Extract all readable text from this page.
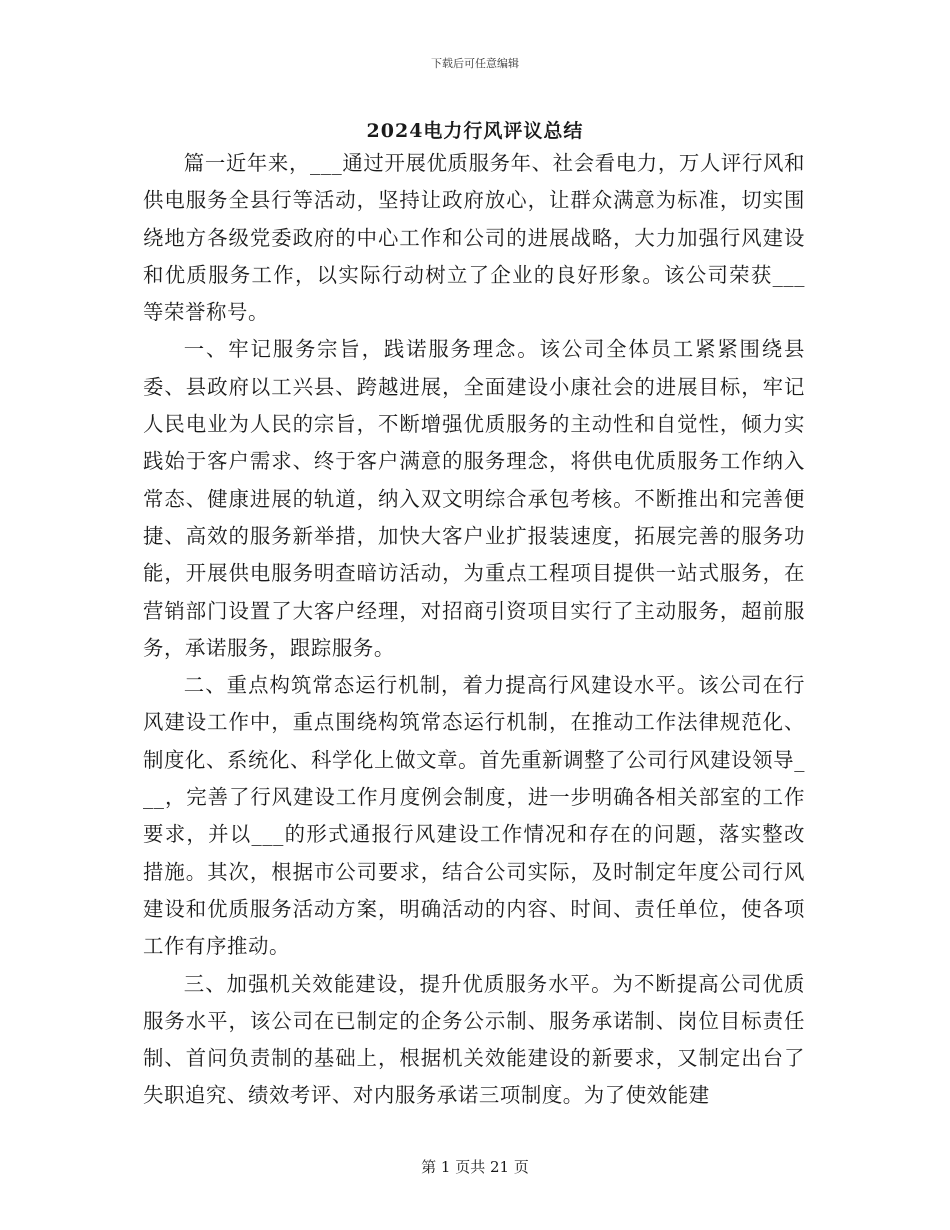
下载后可任意编辑
2024电力行风评议总结

篇一近年来，___通过开展优质服务年、社会看电力，万人评行风和供电服务全县行等活动，坚持让政府放心，让群众满意为标准，切实围绕地方各级党委政府的中心工作和公司的进展战略，大力加强行风建设和优质服务工作，以实际行动树立了企业的良好形象。该公司荣获___等荣誉称号。

一、牢记服务宗旨，践诺服务理念。该公司全体员工紧紧围绕县委、县政府以工兴县、跨越进展，全面建设小康社会的进展目标，牢记人民电业为人民的宗旨，不断增强优质服务的主动性和自觉性，倾力实践始于客户需求、终于客户满意的服务理念，将供电优质服务工作纳入常态、健康进展的轨道，纳入双文明综合承包考核。不断推出和完善便捷、高效的服务新举措，加快大客户业扩报装速度，拓展完善的服务功能，开展供电服务明查暗访活动，为重点工程项目提供一站式服务，在营销部门设置了大客户经理，对招商引资项目实行了主动服务，超前服务，承诺服务，跟踪服务。

二、重点构筑常态运行机制，着力提高行风建设水平。该公司在行风建设工作中，重点围绕构筑常态运行机制，在推动工作法律规范化、制度化、系统化、科学化上做文章。首先重新调整了公司行风建设领导___，完善了行风建设工作月度例会制度，进一步明确各相关部室的工作要求，并以___的形式通报行风建设工作情况和存在的问题，落实整改措施。其次，根据市公司要求，结合公司实际，及时制定年度公司行风建设和优质服务活动方案，明确活动的内容、时间、责任单位，使各项工作有序推动。

三、加强机关效能建设，提升优质服务水平。为不断提高公司优质服务水平，该公司在已制定的企务公示制、服务承诺制、岗位目标责任制、首问负责制的基础上，根据机关效能建设的新要求，又制定出台了失职追究、绩效考评、对内服务承诺三项制度。为了使效能建

第 1 页共 21 页
